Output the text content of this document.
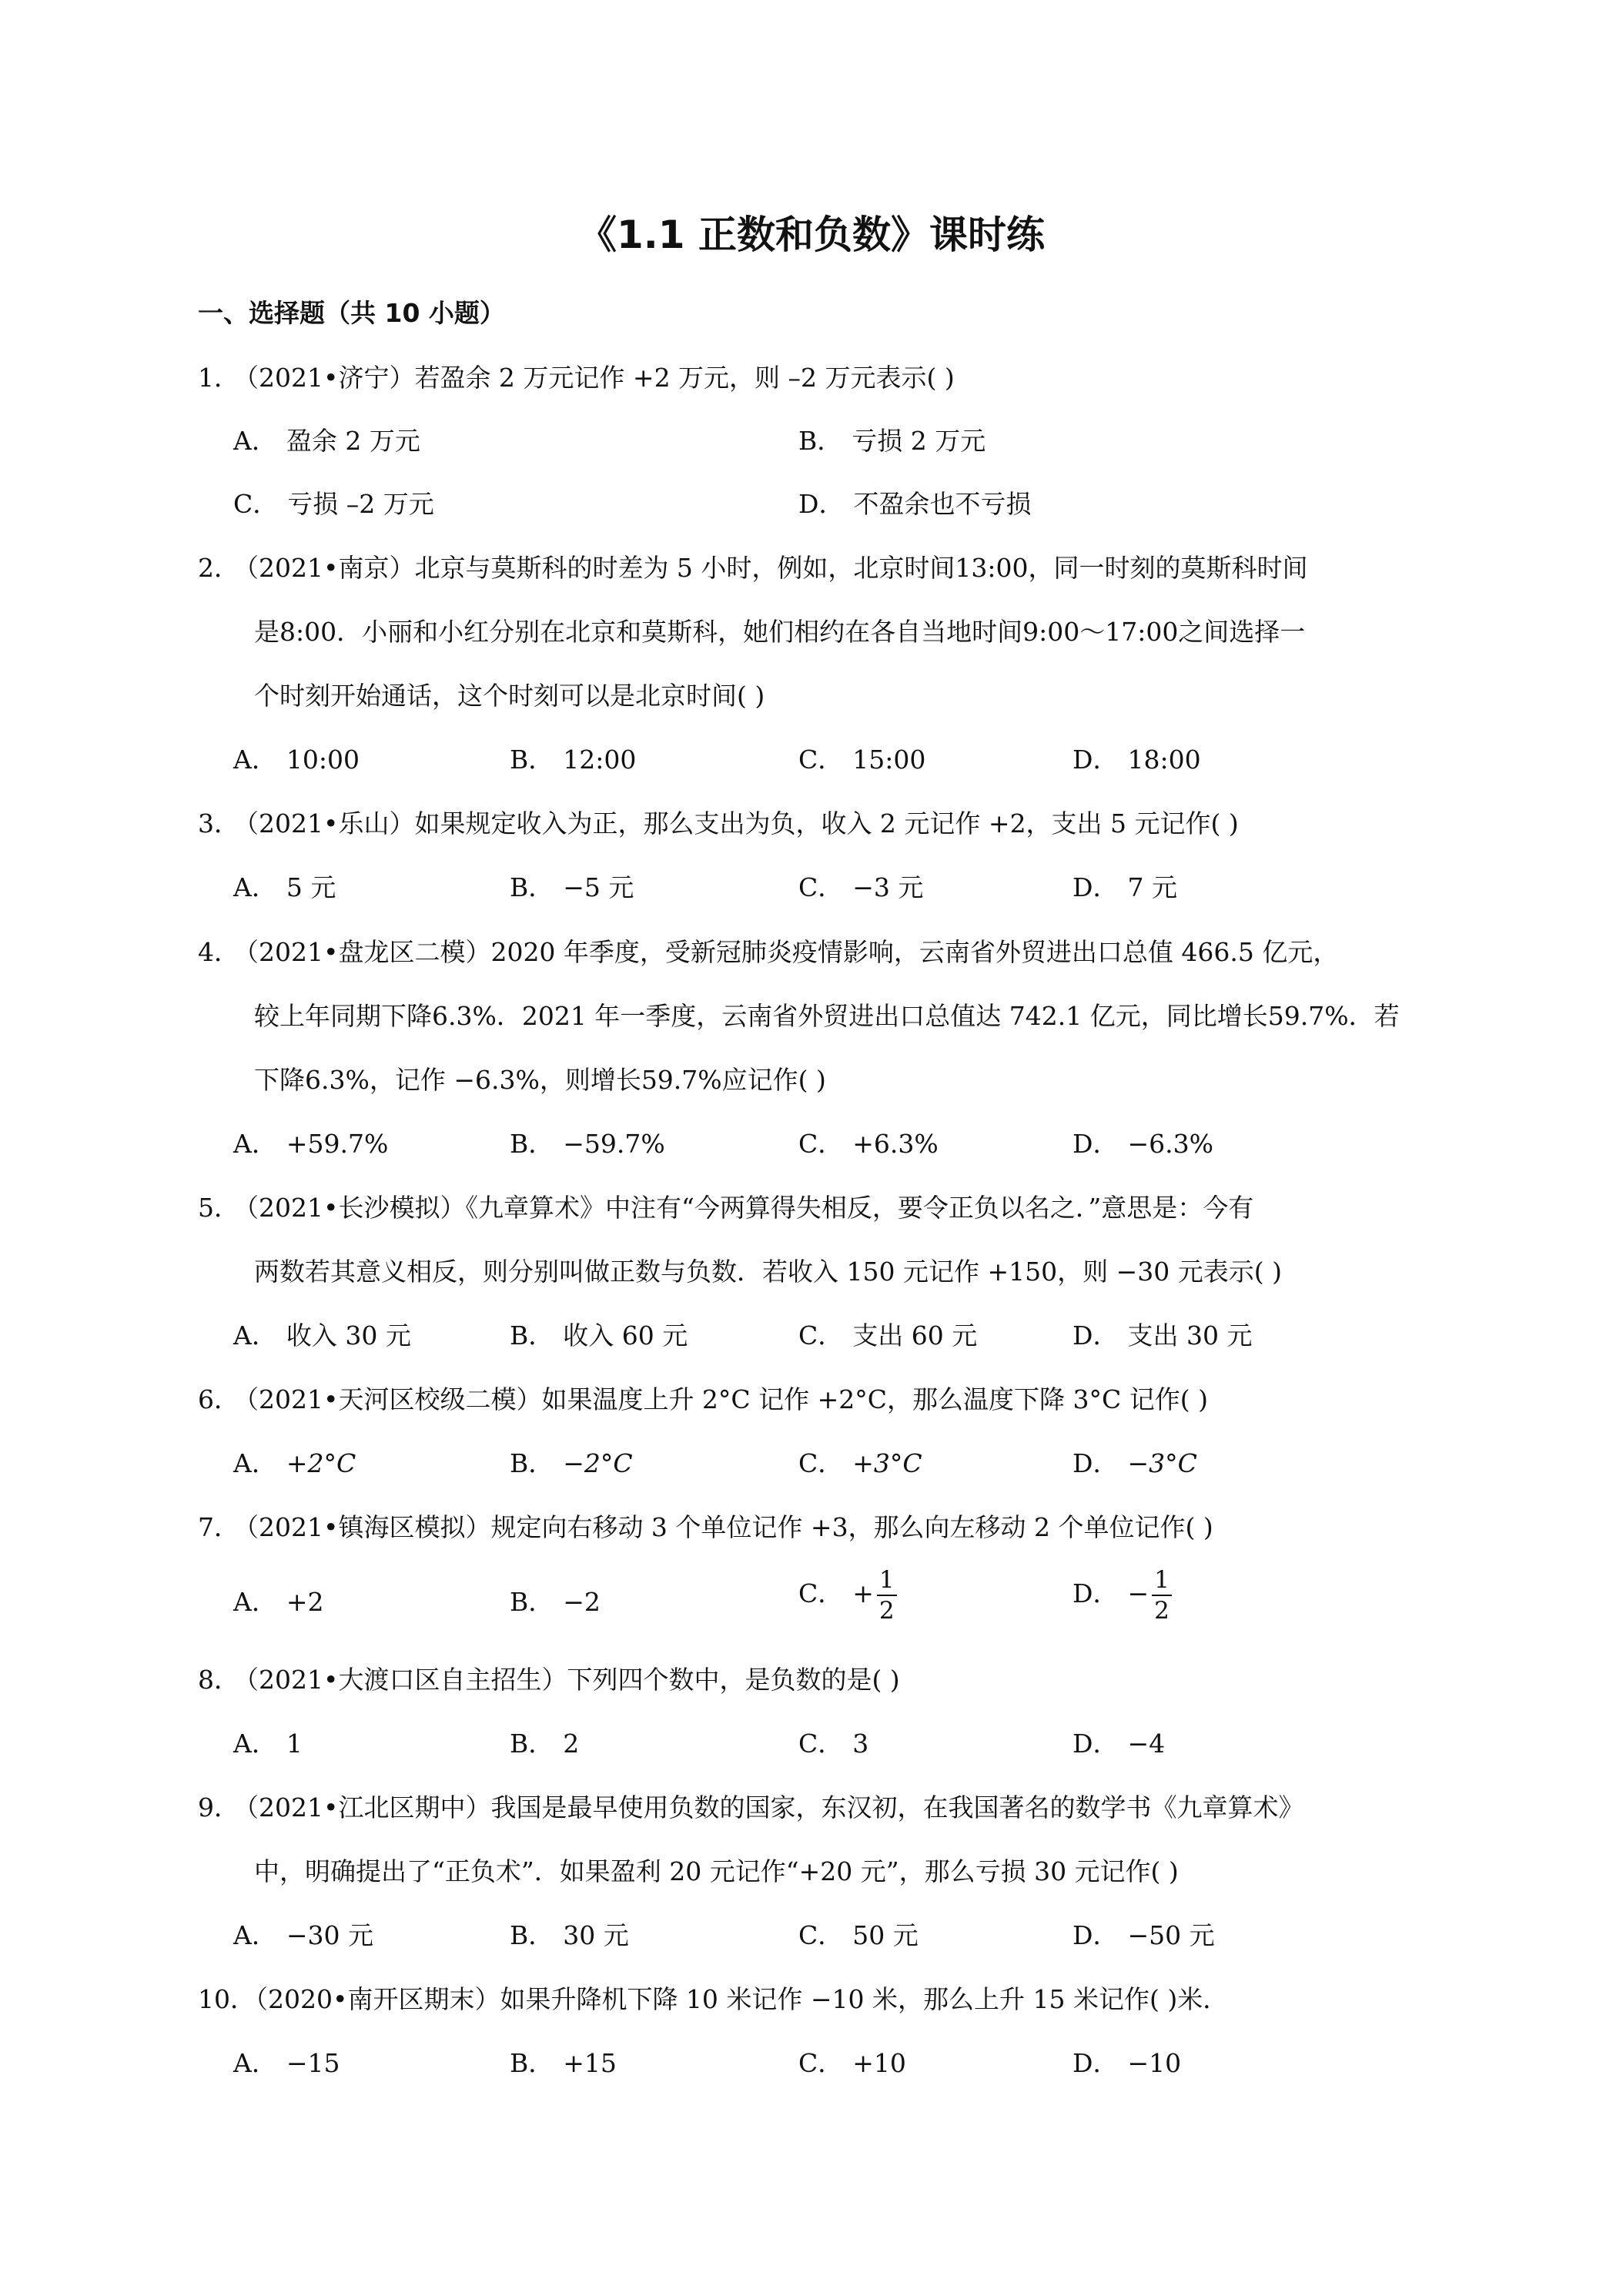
《1.1 正数和负数》课时练
一、选择题（共 10 小题）
1．
（2021•济宁）若盈余 2 万元记作 +2 万元，则 –2 万元表示( )
A． 盈余 2 万元	B． 亏损 2 万元
C． 亏损 –2 万元	D． 不盈余也不亏损
2．
（2021•南京）北京与莫斯科的时差为 5 小时，例如，北京时间13:00，同一时刻的莫斯科时间
是8:00．小丽和小红分别在北京和莫斯科，她们相约在各自当地时间9:00～17:00之间选择一
个时刻开始通话，这个时刻可以是北京时间( )
A． 10:00	B． 12:00	C． 15:00	D． 18:00
3．
（2021•乐山）如果规定收入为正，那么支出为负，收入 2 元记作 +2，支出 5 元记作( )
A． 5 元	B． −5 元	C． −3 元	D． 7 元
4．
（2021•盘龙区二模）2020 年季度，受新冠肺炎疫情影响，云南省外贸进出口总值 466.5 亿元，
较上年同期下降6.3%．2021 年一季度，云南省外贸进出口总值达 742.1 亿元，同比增长59.7%．若
下降6.3%，记作 −6.3%，则增长59.7%应记作( )
A． +59.7%	B． −59.7%	C． +6.3%	D． −6.3%
5．
（2021•长沙模拟）《九章算术》中注有“今两算得失相反，要令正负以名之．”意思是：今有
两数若其意义相反，则分别叫做正数与负数．若收入 150 元记作 +150，则 −30 元表示( )
A． 收入 30 元	B． 收入 60 元	C． 支出 60 元	D． 支出 30 元
6．
（2021•天河区校级二模）如果温度上升 2°C 记作 +2°C，那么温度下降 3°C 记作( )
A． +2°C	B． −2°C	C． +3°C	D． −3°C
7．
（2021•镇海区模拟）规定向右移动 3 个单位记作 +3，那么向左移动 2 个单位记作( )
A． +2	B． −2	C． + $\frac{1}{2}$	D． − $\frac{1}{2}$
8．
（2021•大渡口区自主招生）下列四个数中，是负数的是( )
A． 1	B． 2	C． 3	D． −4
9．
（2021•江北区期中）我国是最早使用负数的国家，东汉初，在我国著名的数学书《九章算术》
中，明确提出了“正负术”．如果盈利 20 元记作“+20 元”，那么亏损 30 元记作( )
A． −30 元	B． 30 元	C． 50 元	D． −50 元
10．
（2020•南开区期末）如果升降机下降 10 米记作 −10 米，那么上升 15 米记作( )米．
A． −15	B． +15	C． +10	D． −10
